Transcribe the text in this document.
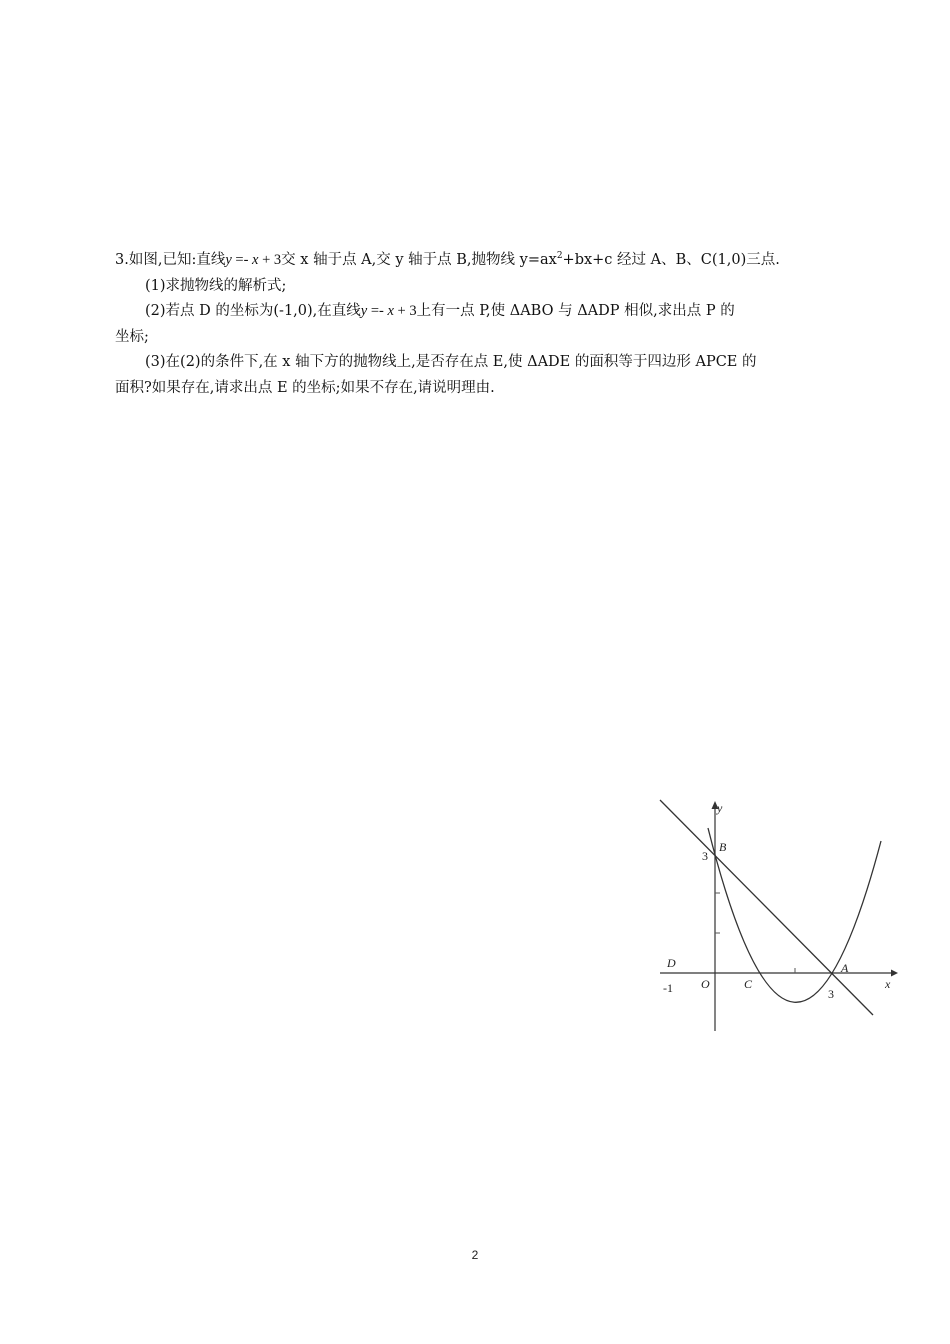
3.如图,已知:直线y =- x + 3交 x 轴于点 A,交 y 轴于点 B,抛物线 $y=ax^2+bx+c$ 经过 A、B、C(1,0)三点.

(1)求抛物线的解析式;

(2)若点 D 的坐标为(-1,0),在直线y =- x + 3上有一点 P,使 ΔABO 与 ΔADP 相似,求出点 P 的

坐标;

(3)在(2)的条件下,在 x 轴下方的抛物线上,是否存在点 E,使 ΔADE 的面积等于四边形 APCE 的

面积?如果存在,请求出点 E 的坐标;如果不存在,请说明理由.

y
x
B
3
D
-1 O	C
A
3
2
